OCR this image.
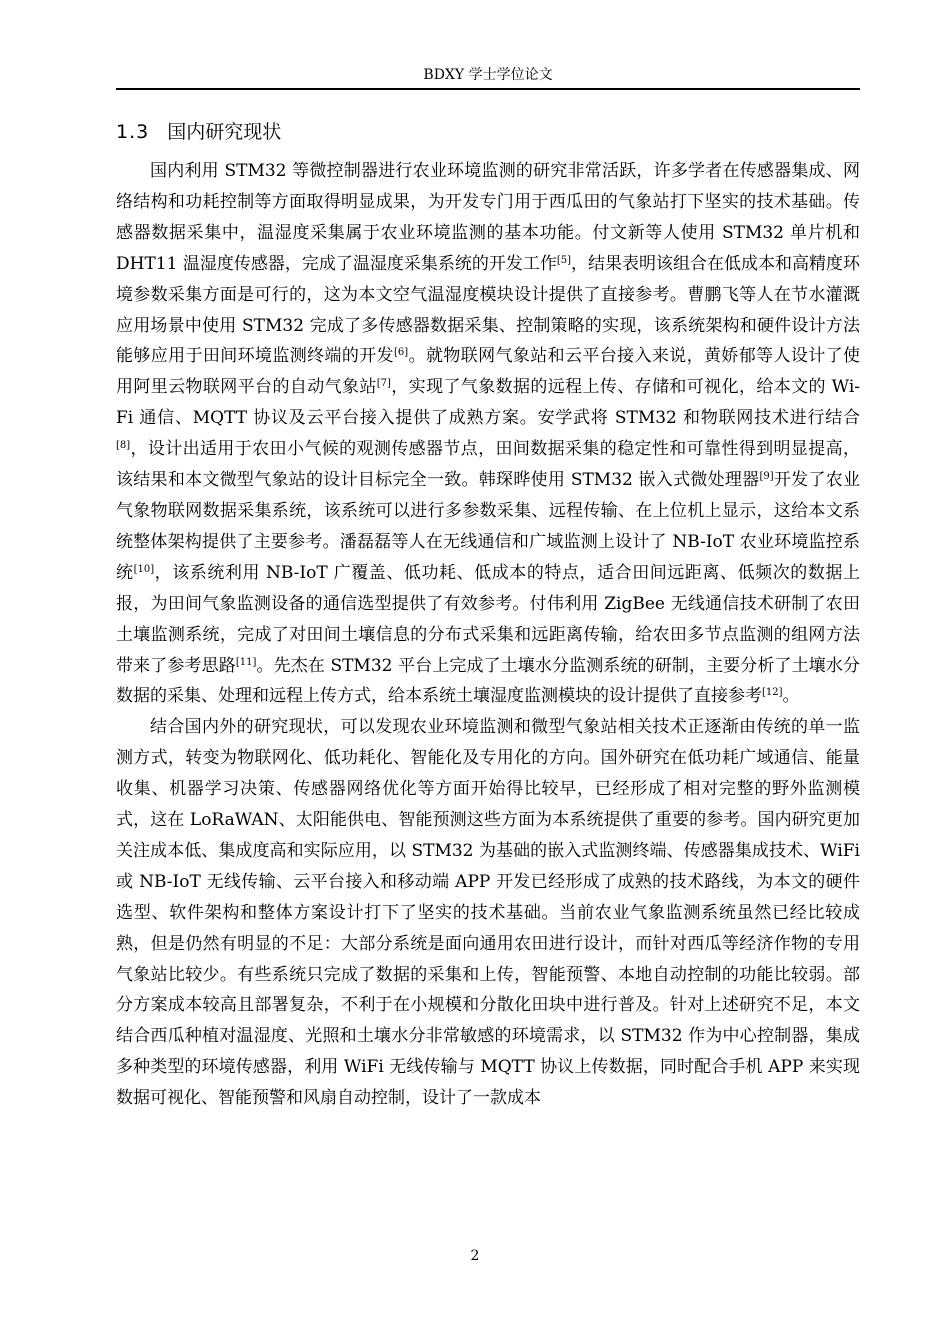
BDXY 学士学位论文
1.3 国内研究现状

国内利用 STM32 等微控制器进行农业环境监测的研究非常活跃，许多学者在传感器集成、网络结构和功耗控制等方面取得明显成果，为开发专门用于西瓜田的气象站打下坚实的技术基础。传感器数据采集中，温湿度采集属于农业环境监测的基本功能。付文新等人使用 STM32 单片机和 DHT11 温湿度传感器，完成了温湿度采集系统的开发工作[5]，结果表明该组合在低成本和高精度环境参数采集方面是可行的，这为本文空气温湿度模块设计提供了直接参考。曹鹏飞等人在节水灌溉应用场景中使用 STM32 完成了多传感器数据采集、控制策略的实现，该系统架构和硬件设计方法能够应用于田间环境监测终端的开发[6]。就物联网气象站和云平台接入来说，黄娇郁等人设计了使用阿里云物联网平台的自动气象站[7]，实现了气象数据的远程上传、存储和可视化，给本文的 Wi-Fi 通信、MQTT 协议及云平台接入提供了成熟方案。安学武将 STM32 和物联网技术进行结合[8]，设计出适用于农田小气候的观测传感器节点，田间数据采集的稳定性和可靠性得到明显提高，该结果和本文微型气象站的设计目标完全一致。韩琛晔使用 STM32 嵌入式微处理器[9]开发了农业气象物联网数据采集系统，该系统可以进行多参数采集、远程传输、在上位机上显示，这给本文系统整体架构提供了主要参考。潘磊磊等人在无线通信和广域监测上设计了 NB-IoT 农业环境监控系统[10]，该系统利用 NB-IoT 广覆盖、低功耗、低成本的特点，适合田间远距离、低频次的数据上报，为田间气象监测设备的通信选型提供了有效参考。付伟利用 ZigBee 无线通信技术研制了农田土壤监测系统，完成了对田间土壤信息的分布式采集和远距离传输，给农田多节点监测的组网方法带来了参考思路[11]。先杰在 STM32 平台上完成了土壤水分监测系统的研制，主要分析了土壤水分数据的采集、处理和远程上传方式，给本系统土壤湿度监测模块的设计提供了直接参考[12]。

结合国内外的研究现状，可以发现农业环境监测和微型气象站相关技术正逐渐由传统的单一监测方式，转变为物联网化、低功耗化、智能化及专用化的方向。国外研究在低功耗广域通信、能量收集、机器学习决策、传感器网络优化等方面开始得比较早，已经形成了相对完整的野外监测模式，这在 LoRaWAN、太阳能供电、智能预测这些方面为本系统提供了重要的参考。国内研究更加关注成本低、集成度高和实际应用，以 STM32 为基础的嵌入式监测终端、传感器集成技术、WiFi 或 NB-IoT 无线传输、云平台接入和移动端 APP 开发已经形成了成熟的技术路线，为本文的硬件选型、软件架构和整体方案设计打下了坚实的技术基础。当前农业气象监测系统虽然已经比较成熟，但是仍然有明显的不足：大部分系统是面向通用农田进行设计，而针对西瓜等经济作物的专用气象站比较少。有些系统只完成了数据的采集和上传，智能预警、本地自动控制的功能比较弱。部分方案成本较高且部署复杂，不利于在小规模和分散化田块中进行普及。针对上述研究不足，本文结合西瓜种植对温湿度、光照和土壤水分非常敏感的环境需求，以 STM32 作为中心控制器，集成多种类型的环境传感器，利用 WiFi 无线传输与 MQTT 协议上传数据，同时配合手机 APP 来实现数据可视化、智能预警和风扇自动控制，设计了一款成本

2
